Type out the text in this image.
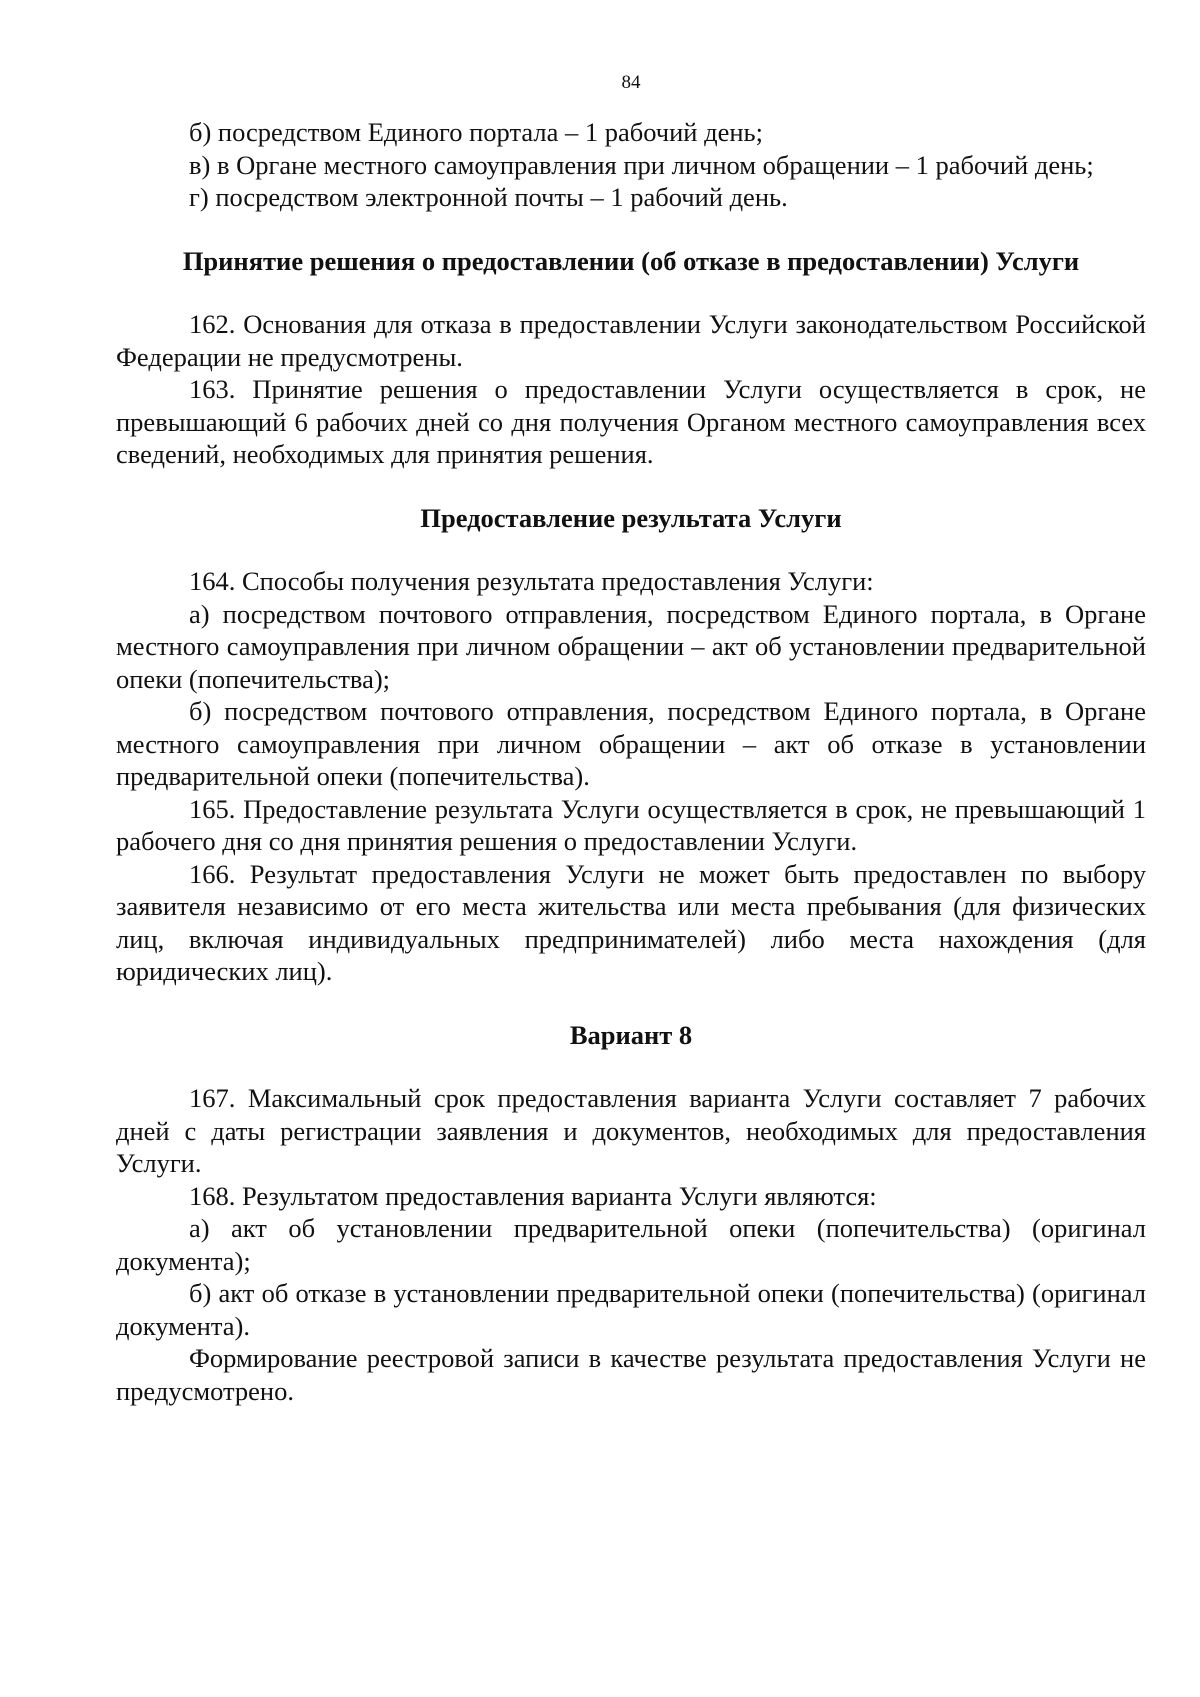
84

б) посредством Единого портала – 1 рабочий день;

в) в Органе местного самоуправления при личном обращении – 1 рабочий день;

г) посредством электронной почты – 1 рабочий день.

Принятие решения о предоставлении (об отказе в предоставлении) Услуги

162. Основания для отказа в предоставлении Услуги законодательством Российской Федерации не предусмотрены.

163. Принятие решения о предоставлении Услуги осуществляется в срок, не превышающий 6 рабочих дней со дня получения Органом местного самоуправления всех сведений, необходимых для принятия решения.

Предоставление результата Услуги

164. Способы получения результата предоставления Услуги:

а) посредством почтового отправления, посредством Единого портала, в Органе местного самоуправления при личном обращении – акт об установлении предварительной опеки (попечительства);

б) посредством почтового отправления, посредством Единого портала, в Органе местного самоуправления при личном обращении – акт об отказе в установлении предварительной опеки (попечительства).

165. Предоставление результата Услуги осуществляется в срок, не превышающий 1 рабочего дня со дня принятия решения о предоставлении Услуги.

166. Результат предоставления Услуги не может быть предоставлен по выбору заявителя независимо от его места жительства или места пребывания (для физических лиц, включая индивидуальных предпринимателей) либо места нахождения (для юридических лиц).

Вариант 8

167. Максимальный срок предоставления варианта Услуги составляет 7 рабочих дней с даты регистрации заявления и документов, необходимых для предоставления Услуги.

168. Результатом предоставления варианта Услуги являются:

а) акт об установлении предварительной опеки (попечительства) (оригинал документа);

б) акт об отказе в установлении предварительной опеки (попечительства) (оригинал документа).

Формирование реестровой записи в качестве результата предоставления Услуги не предусмотрено.
